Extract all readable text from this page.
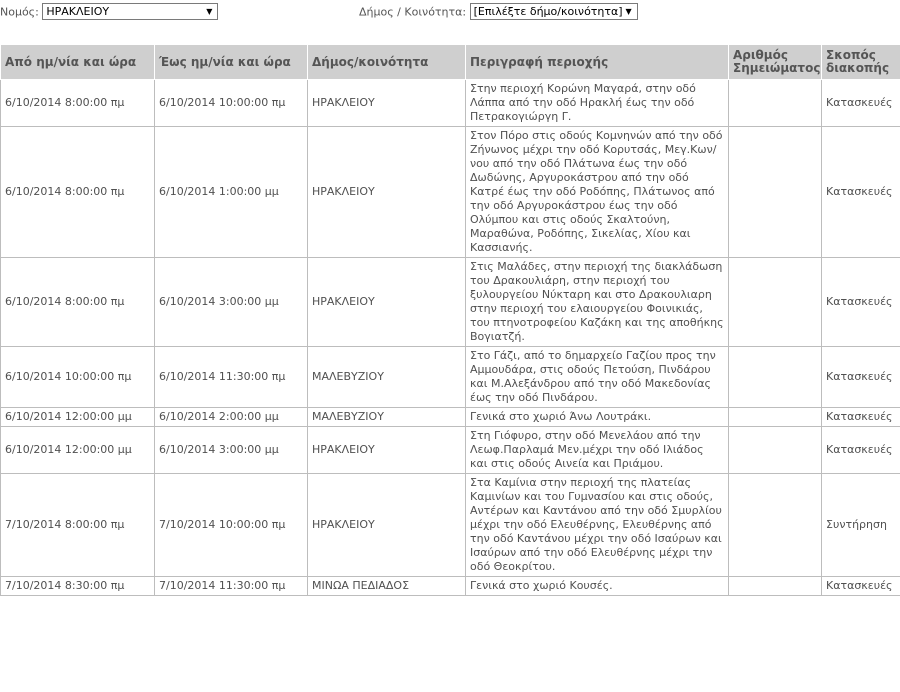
Νομός: ΗΡΑΚΛΕΙΟΥ	▼	Δήμος / Κοινότητα: [Επιλέξτε δήμο/κοινότητα] ▼
Από ημ/νία και ώρα	Έως ημ/νία και ώρα	Δήμος/κοινότητα	Περιγραφή περιοχής	Αριθμός Σημειώματος	Σκοπός διακοπής
6/10/2014 8:00:00 πμ	6/10/2014 10:00:00 πμ	ΗΡΑΚΛΕΙΟΥ	Στην περιοχή Κορώνη Μαγαρά, στην οδό Λάππα από την οδό Ηρακλή έως την οδό Πετρακογιώργη Γ.		Κατασκευές
6/10/2014 8:00:00 πμ	6/10/2014 1:00:00 μμ	ΗΡΑΚΛΕΙΟΥ	Στον Πόρο στις οδούς Κομνηνών από την οδό Ζήνωνος μέχρι την οδό Κορυτσάς, Μεγ.Κων/νου από την οδό Πλάτωνα έως την οδό Δωδώνης, Αργυροκάστρου από την οδό Κατρέ έως την οδό Ροδόπης, Πλάτωνος από την οδό Αργυροκάστρου έως την οδό Ολύμπου και στις οδούς Σκαλτούνη, Μαραθώνα, Ροδόπης, Σικελίας, Χίου και Κασσιανής.		Κατασκευές
6/10/2014 8:00:00 πμ	6/10/2014 3:00:00 μμ	ΗΡΑΚΛΕΙΟΥ	Στις Μαλάδες, στην περιοχή της διακλάδωση του Δρακουλιάρη, στην περιοχή του ξυλουργείου Νύκταρη και στο Δρακουλιαρη στην περιοχή του ελαιουργείου Φοινικιάς, του πτηνοτροφείου Καζάκη και της αποθήκης Βογιατζή.		Κατασκευές
6/10/2014 10:00:00 πμ	6/10/2014 11:30:00 πμ	ΜΑΛΕΒΥΖΙΟΥ	Στο Γάζι, από το δημαρχείο Γαζίου προς την Αμμουδάρα, στις οδούς Πετούση, Πινδάρου και Μ.Αλεξάνδρου από την οδό Μακεδονίας έως την οδό Πινδάρου.		Κατασκευές
6/10/2014 12:00:00 μμ	6/10/2014 2:00:00 μμ	ΜΑΛΕΒΥΖΙΟΥ	Γενικά στο χωριό Άνω Λουτράκι.		Κατασκευές
6/10/2014 12:00:00 μμ	6/10/2014 3:00:00 μμ	ΗΡΑΚΛΕΙΟΥ	Στη Γιόφυρο, στην οδό Μενελάου από την Λεωφ.Παρλαμά Μεν.μέχρι την οδό Ιλιάδος και στις οδούς Αινεία και Πριάμου.		Κατασκευές
7/10/2014 8:00:00 πμ	7/10/2014 10:00:00 πμ	ΗΡΑΚΛΕΙΟΥ	Στα Καμίνια στην περιοχή της πλατείας Καμινίων και του Γυμνασίου και στις οδούς, Αντέρων και Καντάνου από την οδό Σμυρλίου μέχρι την οδό Ελευθέρνης, Ελευθέρνης από την οδό Καντάνου μέχρι την οδό Ισαύρων και Ισαύρων από την οδό Ελευθέρνης μέχρι την οδό Θεοκρίτου.		Συντήρηση
7/10/2014 8:30:00 πμ	7/10/2014 11:30:00 πμ	ΜΙΝΩΑ ΠΕΔΙΑΔΟΣ	Γενικά στο χωριό Κουσές.		Κατασκευές
